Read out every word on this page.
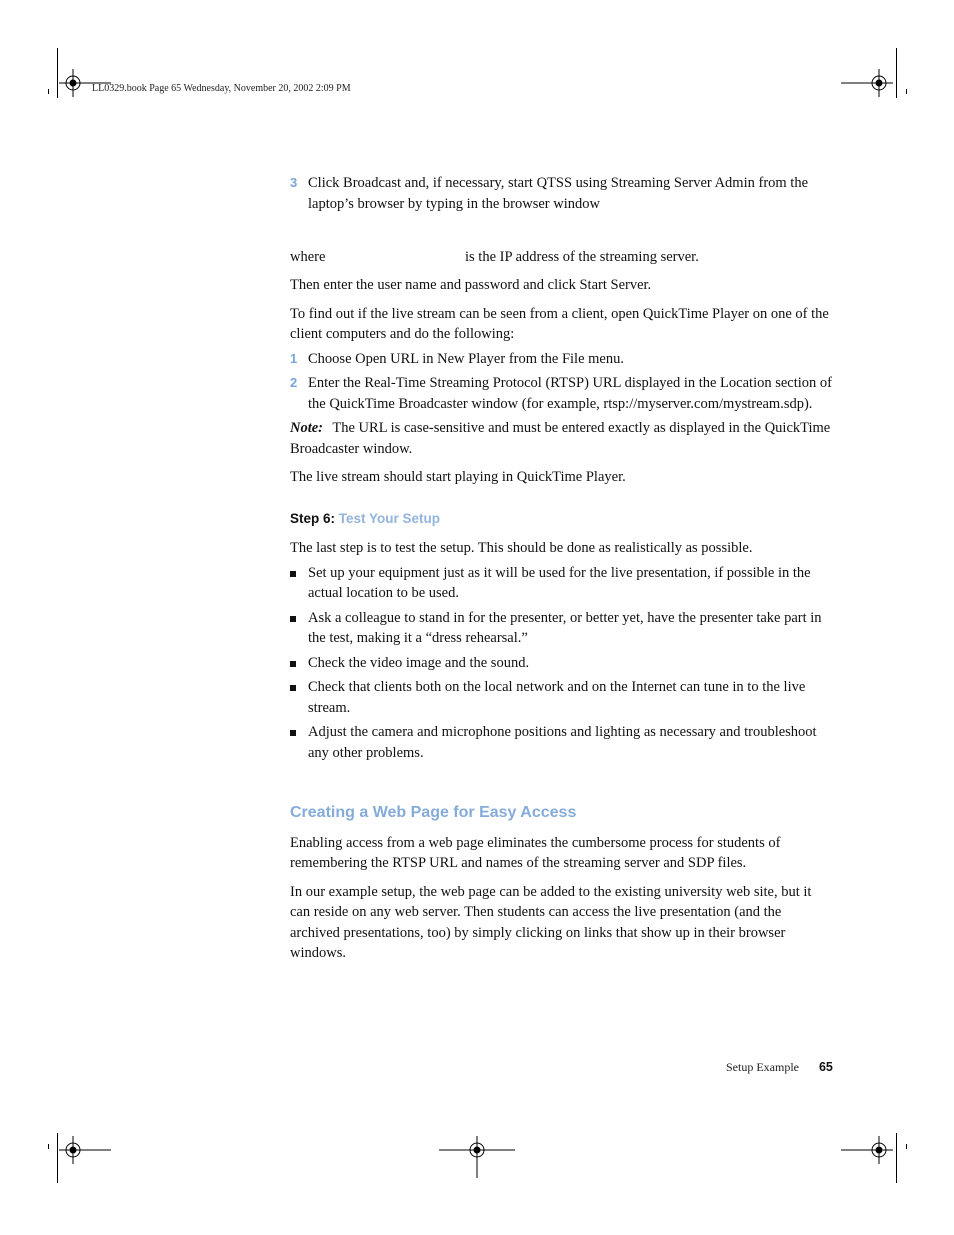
LL0329.book Page 65 Wednesday, November 20, 2002 2:09 PM
3 Click Broadcast and, if necessary, start QTSS using Streaming Server Admin from the laptop’s browser by typing in the browser window
where	is the IP address of the streaming server.

Then enter the user name and password and click Start Server.

To find out if the live stream can be seen from a client, open QuickTime Player on one of the client computers and do the following:

1 Choose Open URL in New Player from the File menu.
2 Enter the Real-Time Streaming Protocol (RTSP) URL displayed in the Location section of the QuickTime Broadcaster window (for example, rtsp://myserver.com/mystream.sdp).

Note: The URL is case-sensitive and must be entered exactly as displayed in the QuickTime Broadcaster window.

The live stream should start playing in QuickTime Player.

Step 6: Test Your Setup

The last step is to test the setup. This should be done as realistically as possible.

Set up your equipment just as it will be used for the live presentation, if possible in the actual location to be used.
Ask a colleague to stand in for the presenter, or better yet, have the presenter take part in the test, making it a “dress rehearsal.”
Check the video image and the sound.
Check that clients both on the local network and on the Internet can tune in to the live stream.
Adjust the camera and microphone positions and lighting as necessary and troubleshoot any other problems.
Creating a Web Page for Easy Access

Enabling access from a web page eliminates the cumbersome process for students of remembering the RTSP URL and names of the streaming server and SDP files.

In our example setup, the web page can be added to the existing university web site, but it can reside on any web server. Then students can access the live presentation (and the archived presentations, too) by simply clicking on links that show up in their browser windows.

Setup Example 65
